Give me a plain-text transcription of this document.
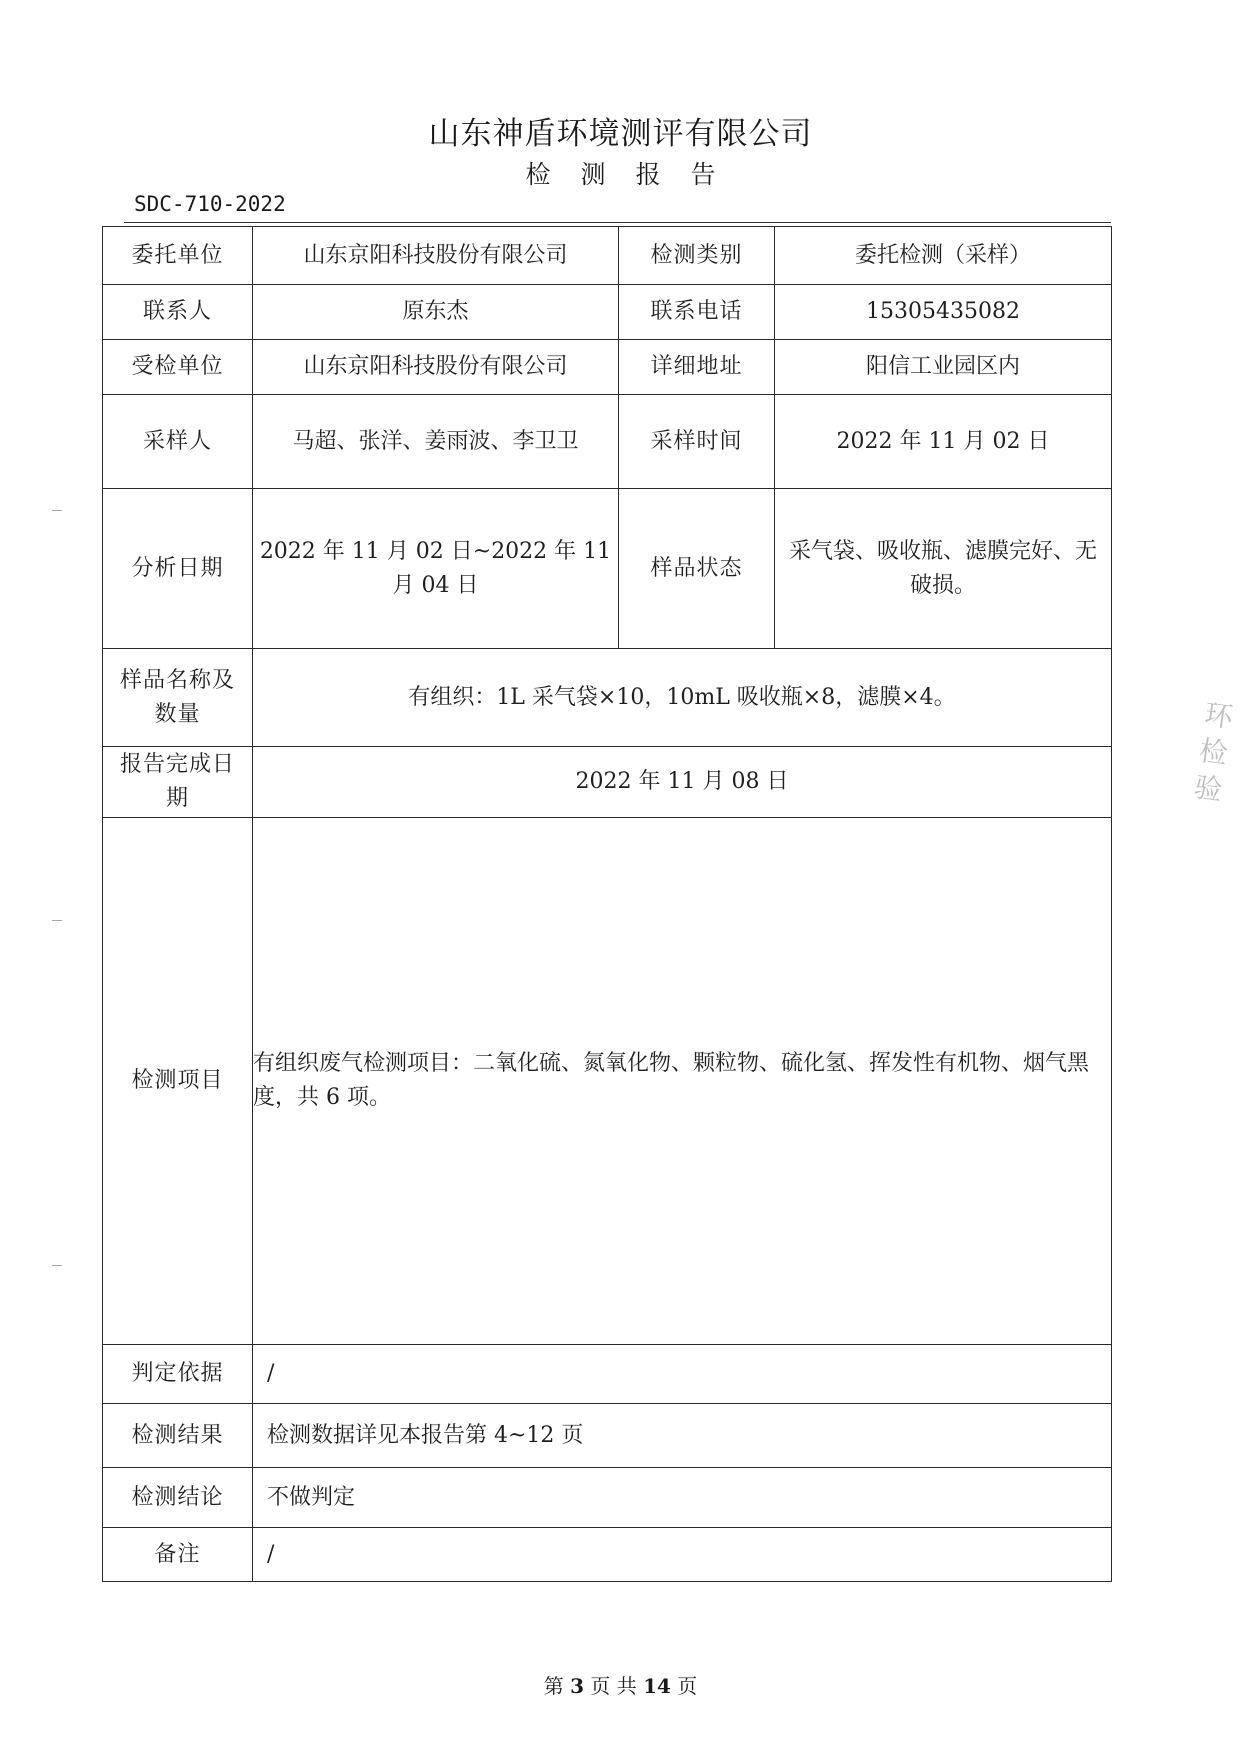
山东神盾环境测评有限公司
检测报告
SDC-710-2022
委托单位	山东京阳科技股份有限公司	检测类别	委托检测（采样）
联系人	原东杰	联系电话	15305435082
受检单位	山东京阳科技股份有限公司	详细地址	阳信工业园区内
采样人	马超、张洋、姜雨波、李卫卫	采样时间	2022 年 11 月 02 日
分析日期	2022 年 11 月 02 日~2022 年 11 月 04 日	样品状态	采气袋、吸收瓶、滤膜完好、无破损。
样品名称及数量	有组织：1L 采气袋×10，10mL 吸收瓶×8，滤膜×4。		
报告完成日期	2022 年 11 月 08 日		
检测项目	有组织废气检测项目：二氧化硫、氮氧化物、颗粒物、硫化氢、挥发性有机物、烟气黑度，共 6 项。		
判定依据	/		
检测结果	检测数据详见本报告第 4~12 页		
检测结论	不做判定		
备注	/		
第 3 页 共 14 页
环 检 验
